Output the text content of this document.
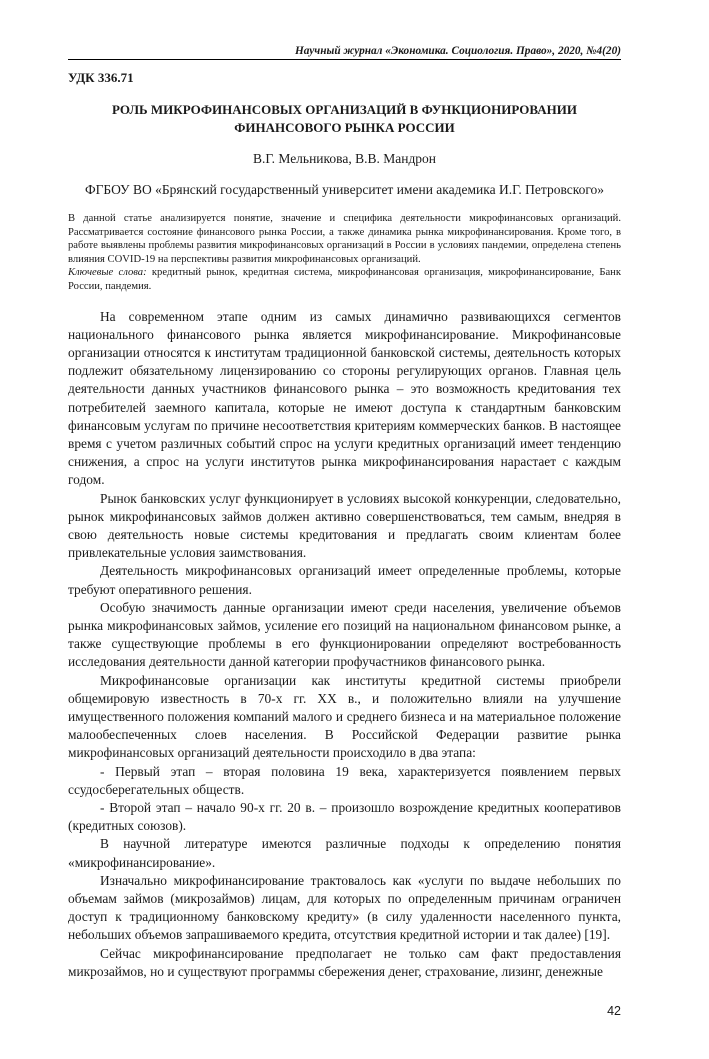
Научный журнал «Экономика. Социология. Право», 2020, №4(20)
УДК 336.71
РОЛЬ МИКРОФИНАНСОВЫХ ОРГАНИЗАЦИЙ В ФУНКЦИОНИРОВАНИИ
ФИНАНСОВОГО РЫНКА РОССИИ
В.Г. Мельникова, В.В. Мандрон
ФГБОУ ВО «Брянский государственный университет имени академика И.Г. Петровского»

В данной статье анализируется понятие, значение и специфика деятельности микрофинансовых организаций. Рассматривается состояние финансового рынка России, а также динамика рынка микрофинансирования. Кроме того, в работе выявлены проблемы развития микрофинансовых организаций в России в условиях пандемии, определена степень влияния COVID-19 на перспективы развития микрофинансовых организаций.

Ключевые слова: кредитный рынок, кредитная система, микрофинансовая организация, микрофинансирование, Банк России, пандемия.

На современном этапе одним из самых динамично развивающихся сегментов национального финансового рынка является микрофинансирование. Микрофинансовые организации относятся к институтам традиционной банковской системы, деятельность которых подлежит обязательному лицензированию со стороны регулирующих органов. Главная цель деятельности данных участников финансового рынка – это возможность кредитования тех потребителей заемного капитала, которые не имеют доступа к стандартным банковским финансовым услугам по причине несоответствия критериям коммерческих банков. В настоящее время с учетом различных событий спрос на услуги кредитных организаций имеет тенденцию снижения, а спрос на услуги институтов рынка микрофинансирования нарастает с каждым годом.

Рынок банковских услуг функционирует в условиях высокой конкуренции, следовательно, рынок микрофинансовых займов должен активно совершенствоваться, тем самым, внедряя в свою деятельность новые системы кредитования и предлагать своим клиентам более привлекательные условия заимствования.

Деятельность микрофинансовых организаций имеет определенные проблемы, которые требуют оперативного решения.

Особую значимость данные организации имеют среди населения, увеличение объемов рынка микрофинансовых займов, усиление его позиций на национальном финансовом рынке, а также существующие проблемы в его функционировании определяют востребованность исследования деятельности данной категории профучастников финансового рынка.

Микрофинансовые организации как институты кредитной системы приобрели общемировую известность в 70-х гг. XX в., и положительно влияли на улучшение имущественного положения компаний малого и среднего бизнеса и на материальное положение малообеспеченных слоев населения. В Российской Федерации развитие рынка микрофинансовых организаций деятельности происходило в два этапа:

- Первый этап – вторая половина 19 века, характеризуется появлением первых ссудосберегательных обществ.

- Второй этап – начало 90-х гг. 20 в. – произошло возрождение кредитных кооперативов (кредитных союзов).

В научной литературе имеются различные подходы к определению понятия «микрофинансирование».

Изначально микрофинансирование трактовалось как «услуги по выдаче небольших по объемам займов (микрозаймов) лицам, для которых по определенным причинам ограничен доступ к традиционному банковскому кредиту» (в силу удаленности населенного пункта, небольших объемов запрашиваемого кредита, отсутствия кредитной истории и так далее) [19].

Сейчас микрофинансирование предполагает не только сам факт предоставления микрозаймов, но и существуют программы сбережения денег, страхование, лизинг, денежные

42
